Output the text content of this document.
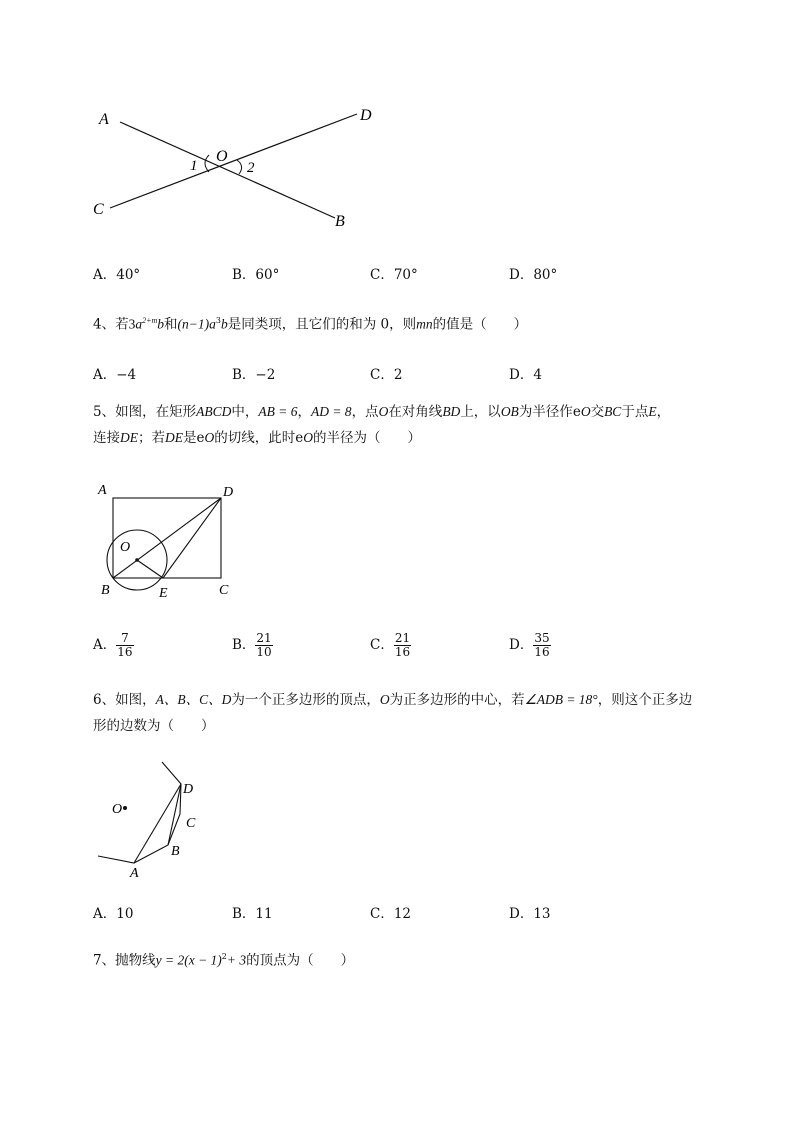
A	D
O
1	2
C
B
A．40°	B．60°	C．70°	D．80°
4、若$3a^{2+m}b$和$(n-1)a^3b$是同类项，且它们的和为 0，则mn的值是（　　）
A．−4	B．−2	C．2	D．4
5、如图，在矩形ABCD中，AB = 6，AD = 8，点O在对角线BD上，以OB为半径作eO交BC于点E，
连接DE；若DE是eO的切线，此时eO的半径为（　　）
A	D
O
B	E	C
A． $\frac{7}{16}$	B． $\frac{21}{10}$	C． $\frac{21}{16}$	D． $\frac{35}{16}$
6、如图，A、B、C、D为一个正多边形的顶点，O为正多边形的中心，若∠ADB = 18°，则这个正多边
形的边数为（　　）
O
D
C
B
A
A．10	B．11	C．12	D．13
7、抛物线$y = 2(x - 1)^2+ 3$的顶点为（　　）
